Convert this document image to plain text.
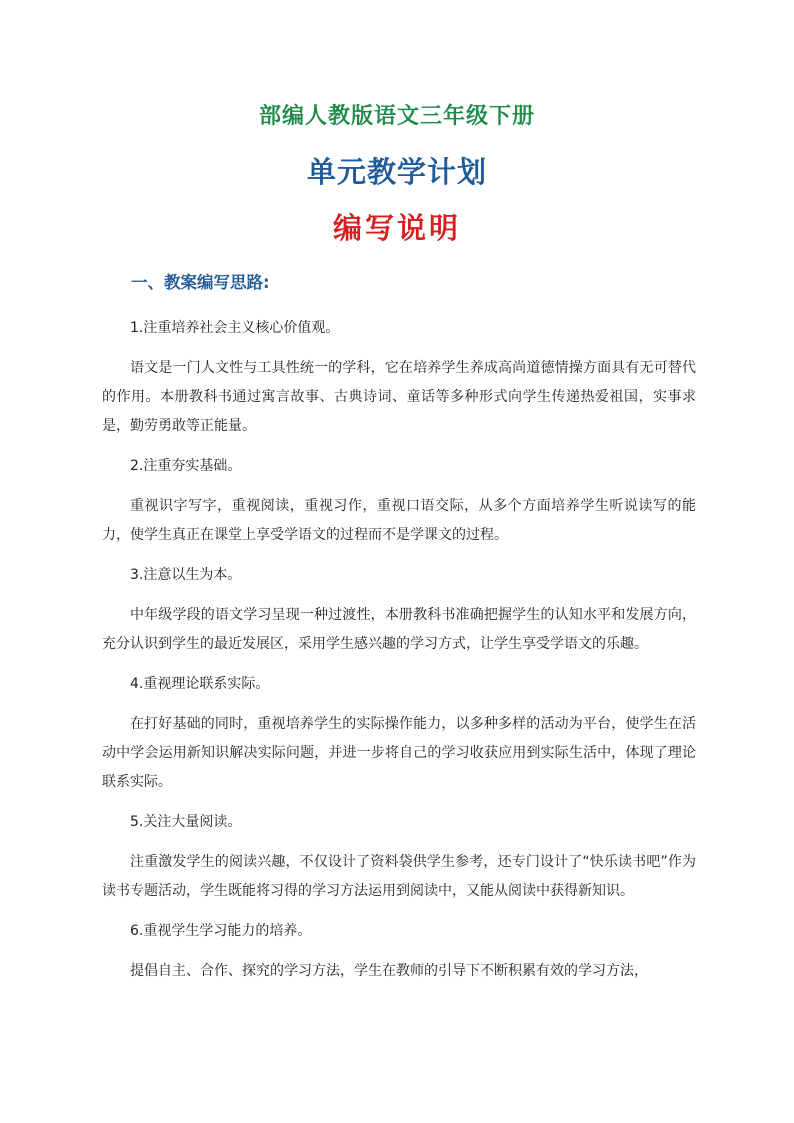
部编人教版语文三年级下册
单元教学计划
编写说明
一、教案编写思路:

1.注重培养社会主义核心价值观。

语文是一门人文性与工具性统一的学科，它在培养学生养成高尚道德情操方面具有无可替代的作用。本册教科书通过寓言故事、古典诗词、童话等多种形式向学生传递热爱祖国，实事求是，勤劳勇敢等正能量。

2.注重夯实基础。

重视识字写字，重视阅读，重视习作，重视口语交际，从多个方面培养学生听说读写的能力，使学生真正在课堂上享受学语文的过程而不是学课文的过程。

3.注意以生为本。

中年级学段的语文学习呈现一种过渡性，本册教科书准确把握学生的认知水平和发展方向，充分认识到学生的最近发展区，采用学生感兴趣的学习方式，让学生享受学语文的乐趣。

4.重视理论联系实际。

在打好基础的同时，重视培养学生的实际操作能力，以多种多样的活动为平台，使学生在活动中学会运用新知识解决实际问题，并进一步将自己的学习收获应用到实际生活中，体现了理论联系实际。

5.关注大量阅读。

注重激发学生的阅读兴趣，不仅设计了资料袋供学生参考，还专门设计了“快乐读书吧”作为读书专题活动，学生既能将习得的学习方法运用到阅读中，又能从阅读中获得新知识。

6.重视学生学习能力的培养。

提倡自主、合作、探究的学习方法，学生在教师的引导下不断积累有效的学习方法，
